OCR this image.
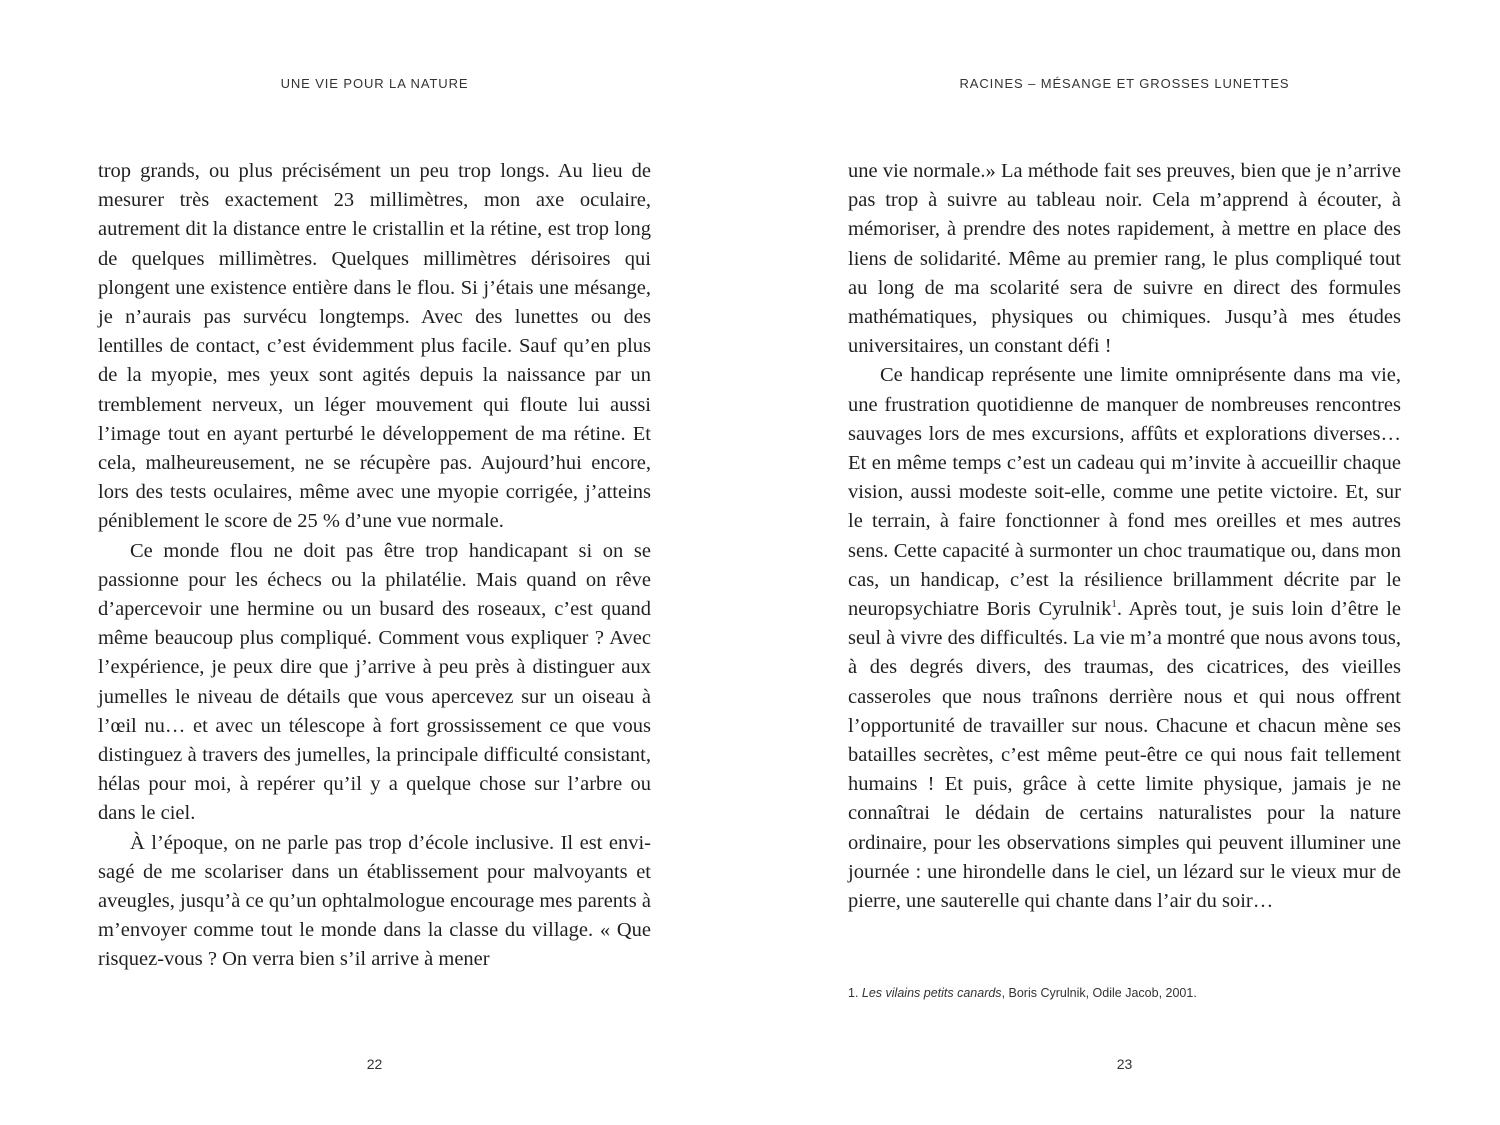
UNE VIE POUR LA NATURE

trop grands, ou plus précisément un peu trop longs. Au lieu de mesurer très exactement 23 millimètres, mon axe oculaire, autrement dit la distance entre le cristallin et la rétine, est trop long de quelques millimètres. Quelques millimètres dérisoires qui plongent une existence entière dans le flou. Si j’étais une mésange, je n’aurais pas survécu longtemps. Avec des lunettes ou des lentilles de contact, c’est évidemment plus facile. Sauf qu’en plus de la myopie, mes yeux sont agités depuis la naissance par un tremblement nerveux, un léger mouvement qui floute lui aussi l’image tout en ayant perturbé le développement de ma rétine. Et cela, malheureusement, ne se récupère pas. Aujourd’hui encore, lors des tests oculaires, même avec une myopie corrigée, j’atteins péniblement le score de 25 % d’une vue normale.

Ce monde flou ne doit pas être trop handicapant si on se passionne pour les échecs ou la philatélie. Mais quand on rêve d’apercevoir une hermine ou un busard des roseaux, c’est quand même beaucoup plus compliqué. Comment vous expliquer ? Avec l’expérience, je peux dire que j’arrive à peu près à distinguer aux jumelles le niveau de détails que vous apercevez sur un oiseau à l’œil nu… et avec un télescope à fort grossissement ce que vous distinguez à travers des jumelles, la principale difficulté consistant, hélas pour moi, à repérer qu’il y a quelque chose sur l’arbre ou dans le ciel.

À l’époque, on ne parle pas trop d’école inclusive. Il est envisagé de me scolariser dans un établissement pour malvoyants et aveugles, jusqu’à ce qu’un ophtalmologue encourage mes parents à m’envoyer comme tout le monde dans la classe du village. « Que risquez-vous ? On verra bien s’il arrive à mener

22
RACINES – MÉSANGE ET GROSSES LUNETTES

une vie normale.» La méthode fait ses preuves, bien que je n’arrive pas trop à suivre au tableau noir. Cela m’apprend à écouter, à mémoriser, à prendre des notes rapidement, à mettre en place des liens de solidarité. Même au premier rang, le plus compliqué tout au long de ma scolarité sera de suivre en direct des formules mathématiques, physiques ou chimiques. Jusqu’à mes études universitaires, un constant défi !

Ce handicap représente une limite omniprésente dans ma vie, une frustration quotidienne de manquer de nombreuses rencontres sauvages lors de mes excursions, affûts et explorations diverses… Et en même temps c’est un cadeau qui m’invite à accueillir chaque vision, aussi modeste soit-elle, comme une petite victoire. Et, sur le terrain, à faire fonctionner à fond mes oreilles et mes autres sens. Cette capacité à surmonter un choc traumatique ou, dans mon cas, un handicap, c’est la résilience brillamment décrite par le neuropsychiatre Boris Cyrulnik$^1$. Après tout, je suis loin d’être le seul à vivre des difficultés. La vie m’a montré que nous avons tous, à des degrés divers, des traumas, des cicatrices, des vieilles casseroles que nous traînons derrière nous et qui nous offrent l’opportunité de travailler sur nous. Chacune et chacun mène ses batailles secrètes, c’est même peut-être ce qui nous fait tellement humains ! Et puis, grâce à cette limite physique, jamais je ne connaîtrai le dédain de certains naturalistes pour la nature ordinaire, pour les observations simples qui peuvent illuminer une journée : une hirondelle dans le ciel, un lézard sur le vieux mur de pierre, une sauterelle qui chante dans l’air du soir…

1. Les vilains petits canards, Boris Cyrulnik, Odile Jacob, 2001.
23
